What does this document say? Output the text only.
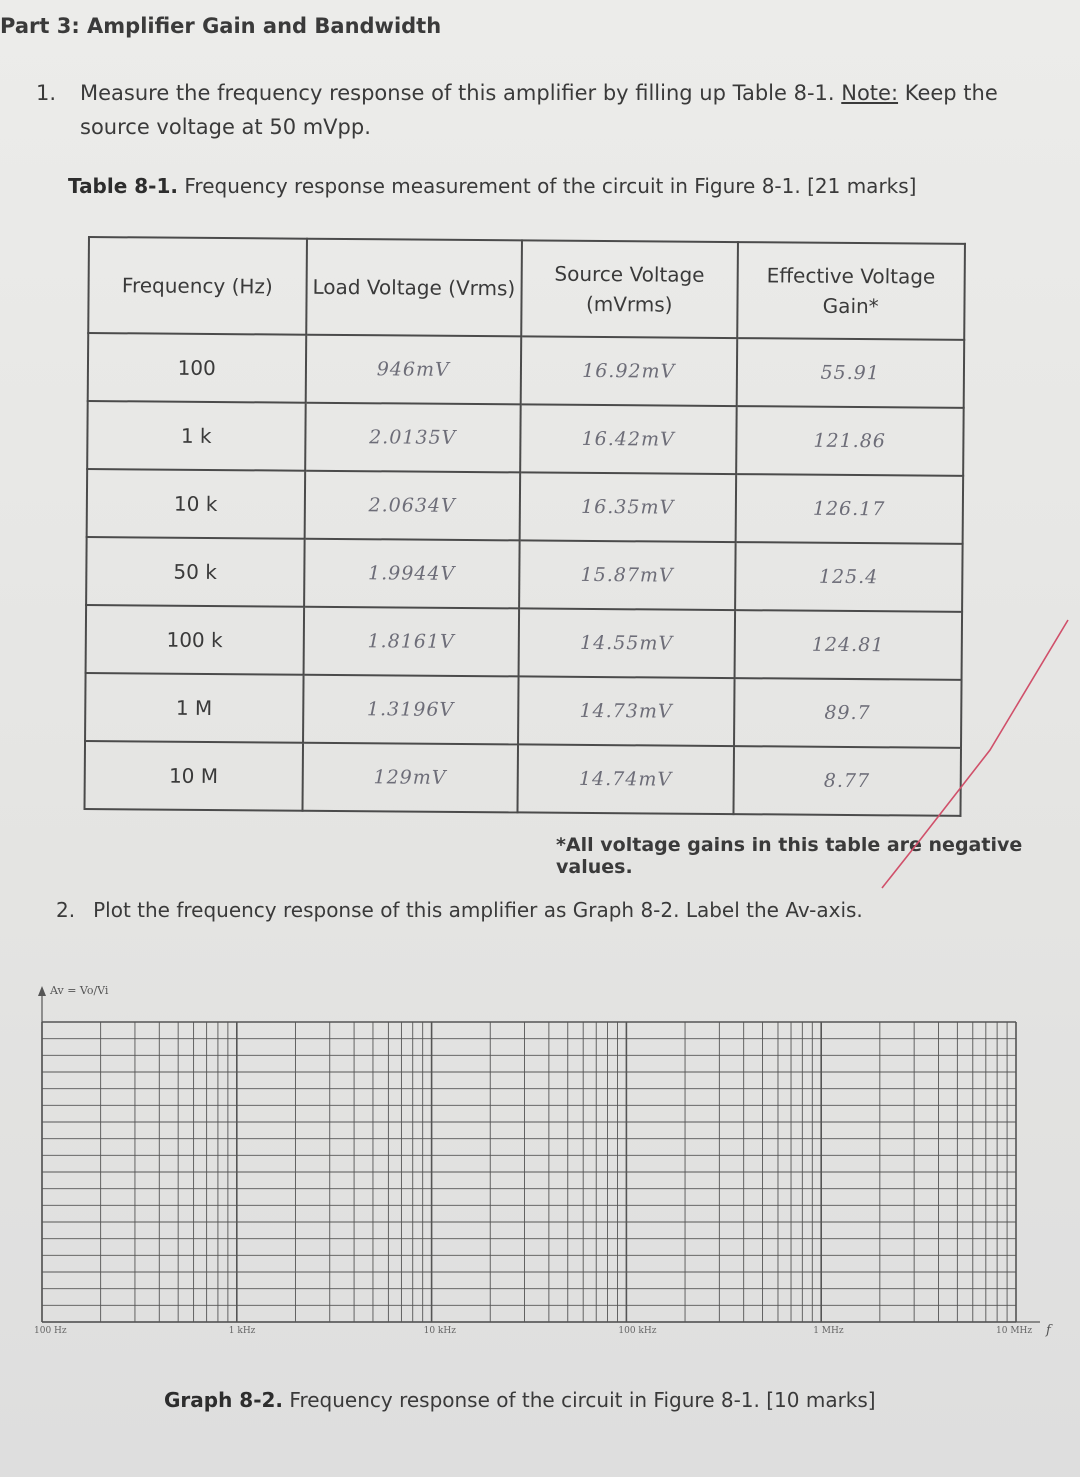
Part 3: Amplifier Gain and Bandwidth
1. Measure the frequency response of this amplifier by filling up Table 8-1. Note: Keep the source voltage at 50 mVpp.
Table 8-1. Frequency response measurement of the circuit in Figure 8-1. [21 marks]
Frequency (Hz)	Load Voltage (Vrms)	Source Voltage (mVrms)	Effective Voltage Gain*
100	946mV	16.92mV	55.91
1 k	2.0135V	16.42mV	121.86
10 k	2.0634V	16.35mV	126.17
50 k	1.9944V	15.87mV	125.4
100 k	1.8161V	14.55mV	124.81
1 M	1.3196V	14.73mV	89.7
10 M	129mV	14.74mV	8.77
*All voltage gains in this table are negative values.
2. Plot the frequency response of this amplifier as Graph 8-2. Label the Av-axis.
Av = Vo/Vi
f
100 Hz	1 kHz	10 kHz	100 kHz	1 MHz	10 MHz
Graph 8-2. Frequency response of the circuit in Figure 8-1. [10 marks]
